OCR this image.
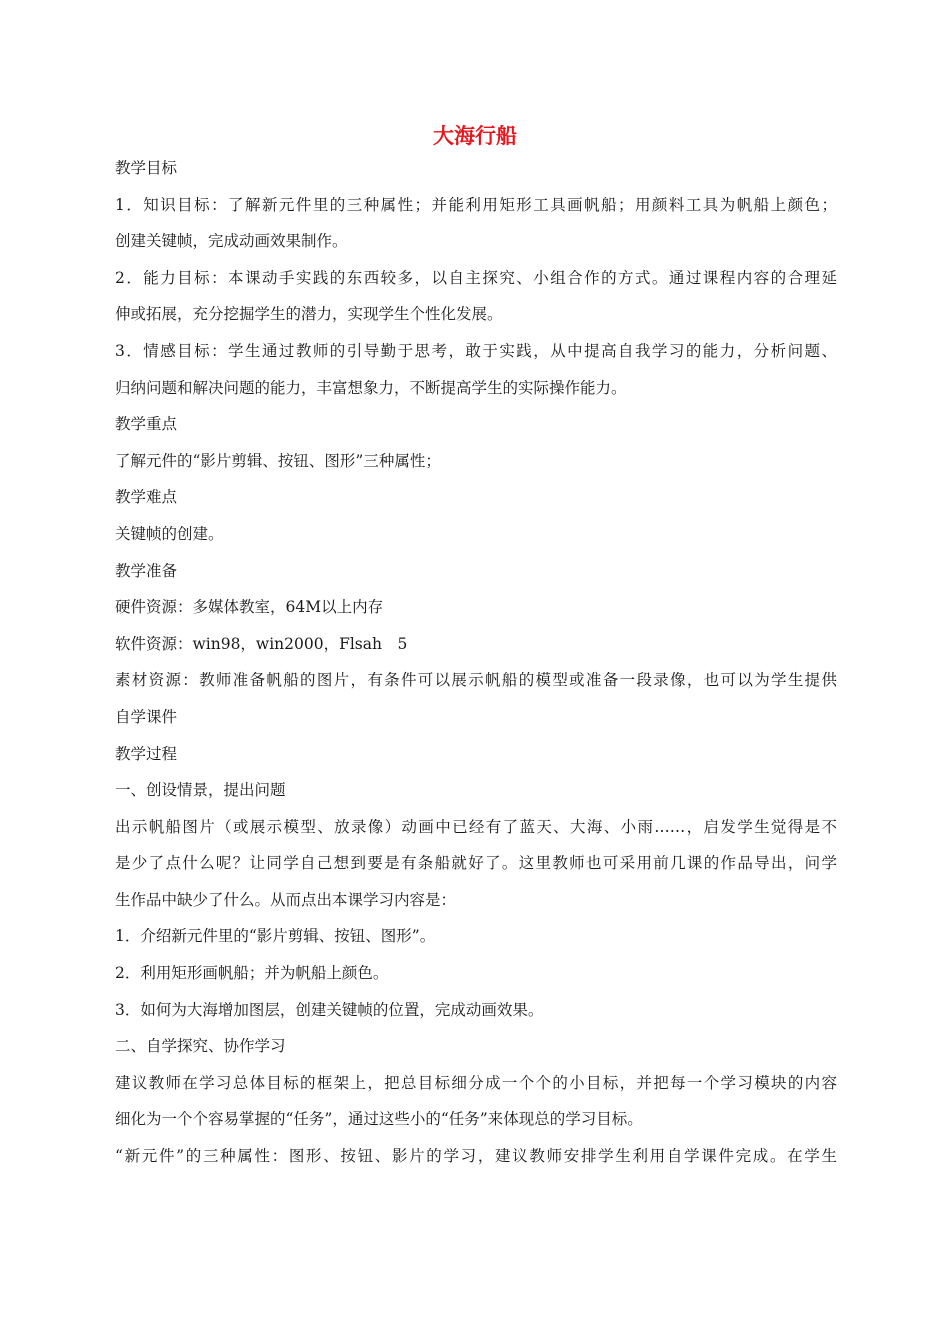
大海行船
教学目标
1．知识目标：了解新元件里的三种属性；并能利用矩形工具画帆船；用颜料工具为帆船上颜色；
创建关键帧，完成动画效果制作。
2．能力目标：本课动手实践的东西较多，以自主探究、小组合作的方式。通过课程内容的合理延
伸或拓展，充分挖掘学生的潜力，实现学生个性化发展。
3．情感目标：学生通过教师的引导勤于思考，敢于实践，从中提高自我学习的能力，分析问题、
归纳问题和解决问题的能力，丰富想象力，不断提高学生的实际操作能力。
教学重点
了解元件的“影片剪辑、按钮、图形”三种属性；
教学难点
关键帧的创建。
教学准备
硬件资源：多媒体教室，64M以上内存
软件资源：win98，win2000，Flsah　5
素材资源：教师准备帆船的图片，有条件可以展示帆船的模型或准备一段录像，也可以为学生提供
自学课件
教学过程
一、创设情景，提出问题
出示帆船图片（或展示模型、放录像）动画中已经有了蓝天、大海、小雨……，启发学生觉得是不
是少了点什么呢？让同学自己想到要是有条船就好了。这里教师也可采用前几课的作品导出，问学
生作品中缺少了什么。从而点出本课学习内容是：
1．介绍新元件里的“影片剪辑、按钮、图形”。
2．利用矩形画帆船；并为帆船上颜色。
3．如何为大海增加图层，创建关键帧的位置，完成动画效果。
二、自学探究、协作学习
建议教师在学习总体目标的框架上，把总目标细分成一个个的小目标，并把每一个学习模块的内容
细化为一个个容易掌握的“任务”，通过这些小的“任务”来体现总的学习目标。
“新元件”的三种属性：图形、按钮、影片的学习，建议教师安排学生利用自学课件完成。在学生
